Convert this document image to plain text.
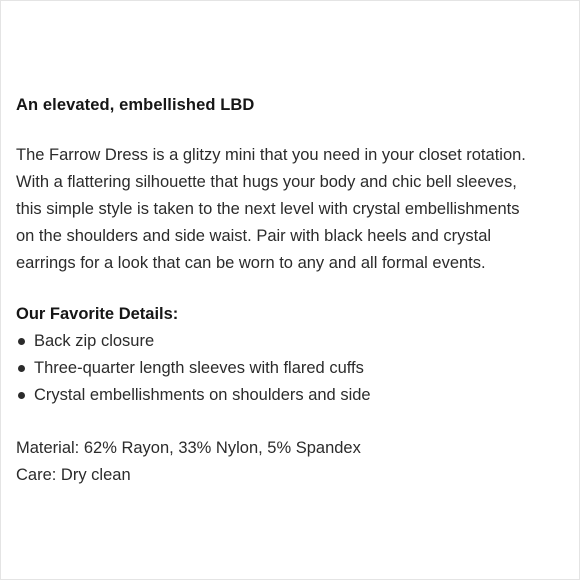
An elevated, embellished LBD

The Farrow Dress is a glitzy mini that you need in your closet rotation.
With a flattering silhouette that hugs your body and chic bell sleeves,
this simple style is taken to the next level with crystal embellishments
on the shoulders and side waist. Pair with black heels and crystal
earrings for a look that can be worn to any and all formal events.

Our Favorite Details:
Back zip closure
Three-quarter length sleeves with flared cuffs
Crystal embellishments on shoulders and side
Material: 62% Rayon, 33% Nylon, 5% Spandex
Care: Dry clean
